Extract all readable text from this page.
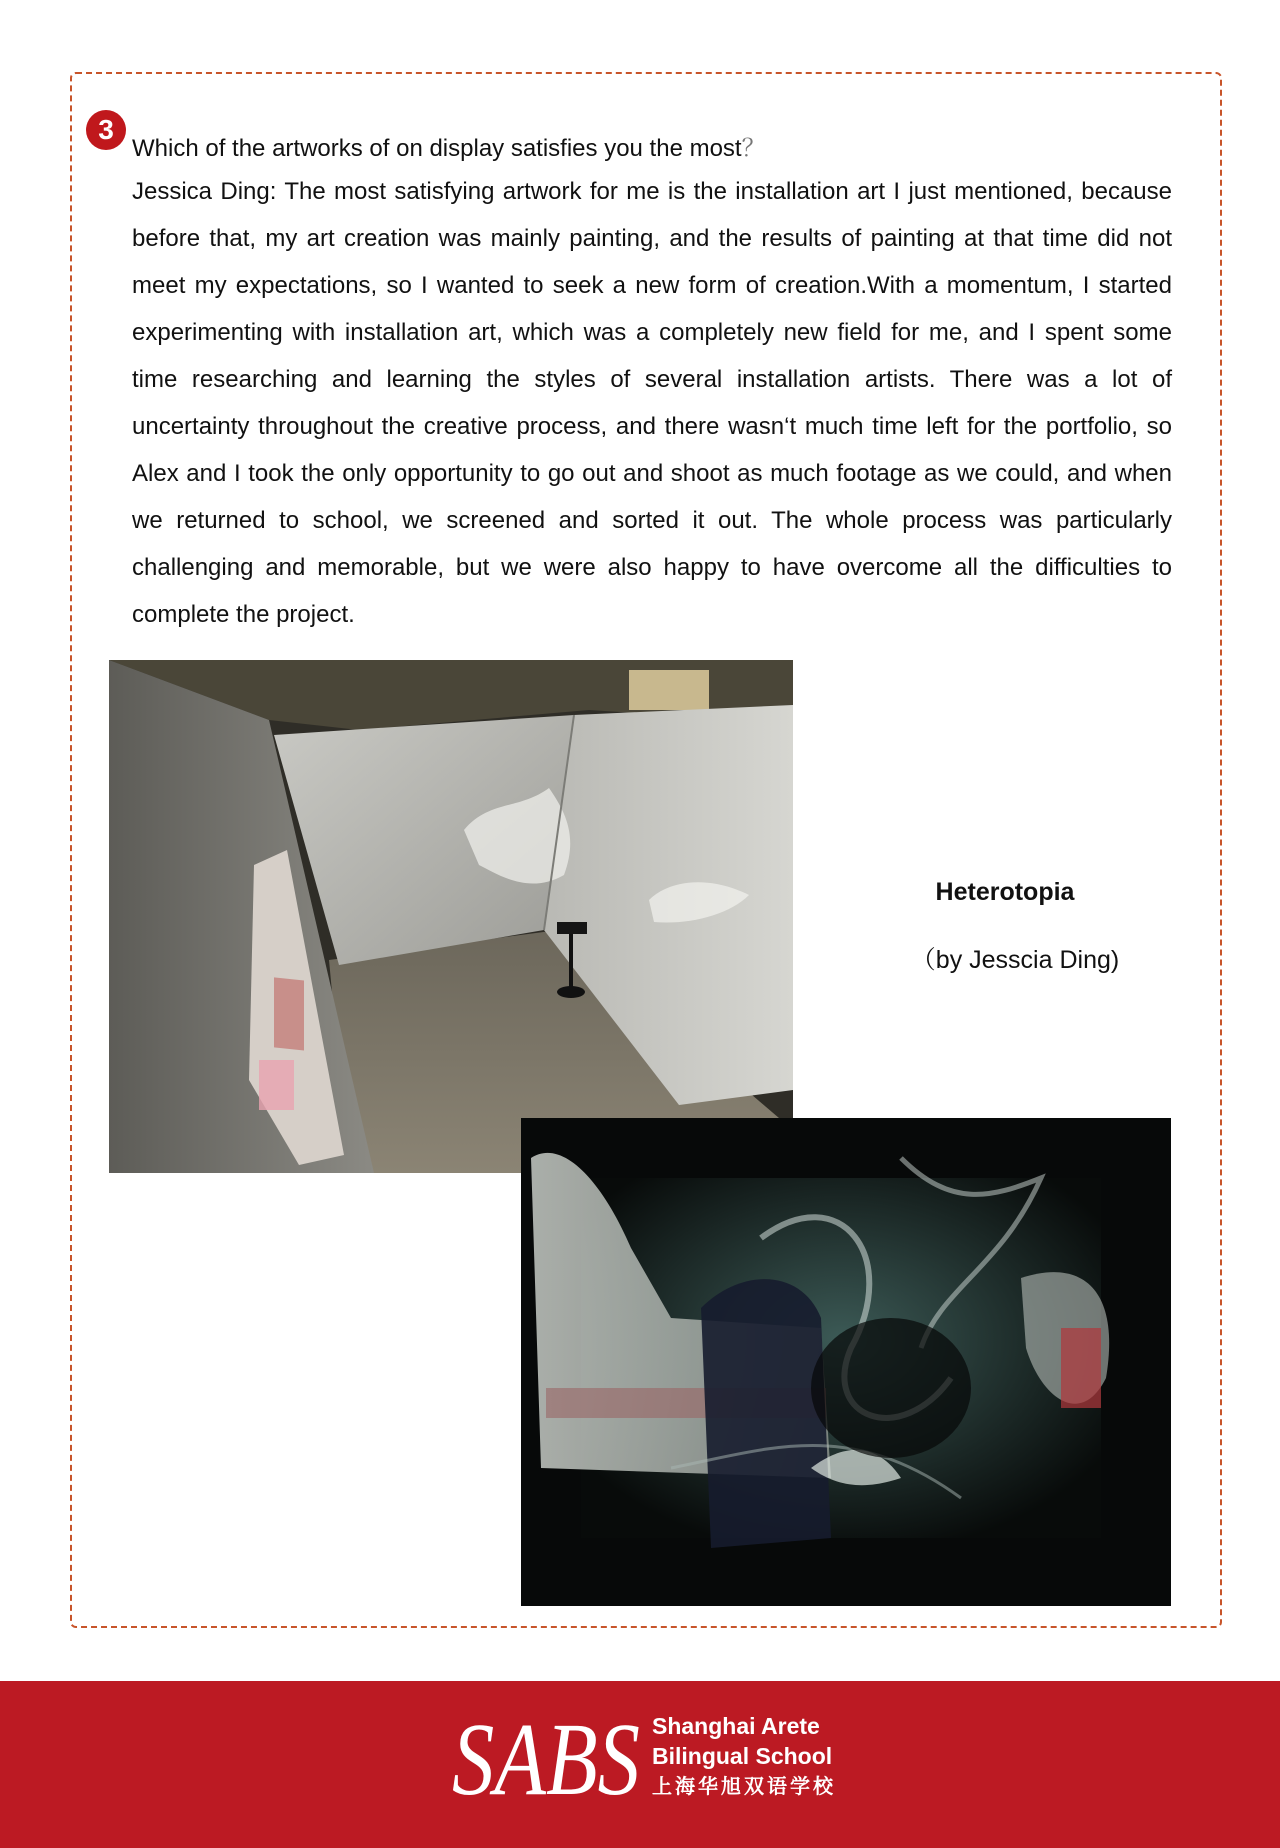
3
Which of the artworks of on display satisfies you the most？
Jessica Ding: The most satisfying artwork for me is the installation art I just mentioned, because before that, my art creation was mainly painting, and the results of painting at that time did not meet my expectations, so I wanted to seek a new form of creation.With a momentum, I started experimenting with installation art, which was a completely new field for me, and I spent some time researching and learning the styles of several installation artists. There was a lot of uncertainty throughout the creative process, and there wasn‘t much time left for the portfolio, so Alex and I took the only opportunity to go out and shoot as much footage as we could, and when we returned to school, we screened and sorted it out. The whole process was particularly challenging and memorable, but we were also happy to have overcome all the difficulties to complete the project.
Heterotopia
（by Jesscia Ding)
SABS Shanghai Arete
Bilingual School
上海华旭双语学校
